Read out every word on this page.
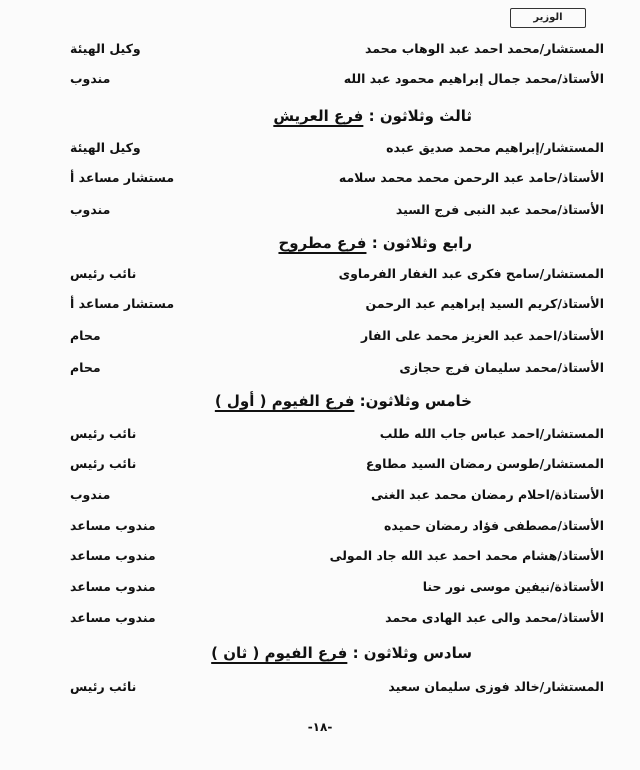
الوزير
المستشار/محمد احمد عبد الوهاب محمد
وكيل الهيئة
الأستاذ/محمد جمال إبراهيم محمود عبد الله
مندوب
ثالث وثلاثون : فرع العريش
المستشار/إبراهيم محمد صديق عبده
وكيل الهيئة
الأستاذ/حامد عبد الرحمن محمد محمد سلامه
مستشار مساعد أ
الأستاذ/محمد عبد النبى فرج السيد
مندوب
رابع وثلاثون : فرع مطروح
المستشار/سامح فكرى عبد الغفار الفرماوى
نائب رئيس
الأستاذ/كريم السيد إبراهيم عبد الرحمن
مستشار مساعد أ
الأستاذ/احمد عبد العزيز محمد على الفار
محام
الأستاذ/محمد سليمان فرج حجازى
محام
خامس وثلاثون: فرع الفيوم ( أول )
المستشار/احمد عباس جاب الله طلب
نائب رئيس
المستشار/طوسن رمضان السيد مطاوع
نائب رئيس
الأستاذة/احلام رمضان محمد عبد الغنى
مندوب
الأستاذ/مصطفى فؤاد رمضان حميده
مندوب مساعد
الأستاذ/هشام محمد احمد عبد الله جاد المولى
مندوب مساعد
الأستاذة/نيفين موسى نور حنا
مندوب مساعد
الأستاذ/محمد والى عبد الهادى محمد
مندوب مساعد
سادس وثلاثون : فرع الفيوم ( ثان )
المستشار/خالد فوزى سليمان سعيد
نائب رئيس
-١٨-
